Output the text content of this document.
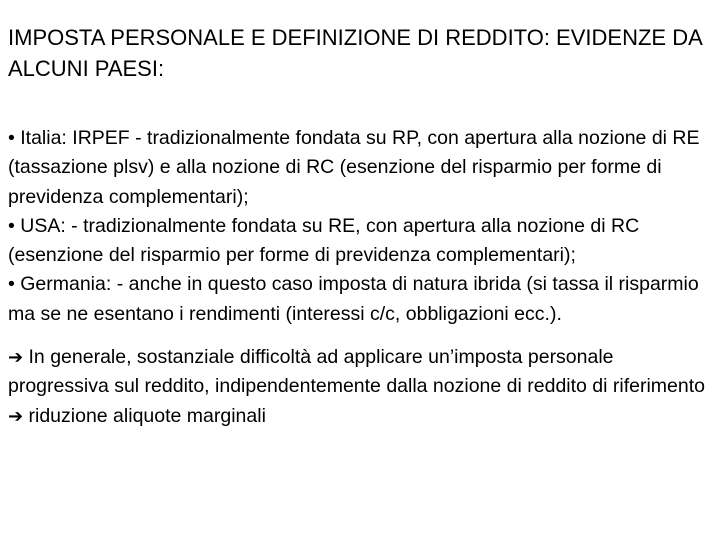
IMPOSTA PERSONALE E DEFINIZIONE DI REDDITO: EVIDENZE DA ALCUNI PAESI:

• Italia: IRPEF - tradizionalmente fondata su RP, con apertura alla nozione di RE (tassazione plsv) e alla nozione di RC (esenzione del risparmio per forme di previdenza complementari);

• USA: - tradizionalmente fondata su RE, con apertura alla nozione di RC (esenzione del risparmio per forme di previdenza complementari);

• Germania: - anche in questo caso imposta di natura ibrida (si tassa il risparmio ma se ne esentano i rendimenti (interessi c/c, obbligazioni ecc.).

➔ In generale, sostanziale difficoltà ad applicare un’imposta personale progressiva sul reddito, indipendentemente dalla nozione di reddito di riferimento ➔ riduzione aliquote marginali
